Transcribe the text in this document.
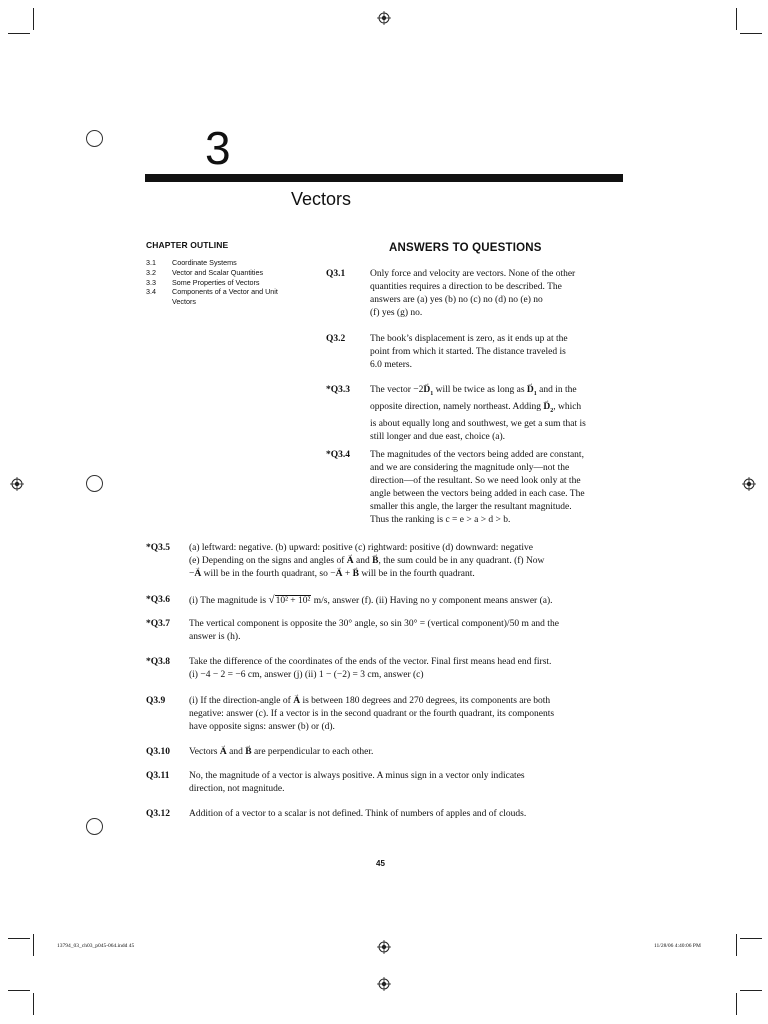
3
Vectors
CHAPTER OUTLINE
3.1	Coordinate Systems
3.2	Vector and Scalar Quantities
3.3	Some Properties of Vectors
3.4	Components of a Vector and Unit Vectors
ANSWERS TO QUESTIONS
Q3.1	Only force and velocity are vectors. None of the other
quantities requires a direction to be described. The
answers are (a) yes (b) no (c) no (d) no (e) no
(f) yes (g) no.
Q3.2	The book’s displacement is zero, as it ends up at the
point from which it started. The distance traveled is
6.0 meters.
*Q3.3 The vector $-2\to D_1$ will be twice as long as → $D_1$ and in the
opposite direction, namely northeast. Adding → $D_2$, which
is about equally long and southwest, we get a sum that is
still longer and due east, choice (a).
*Q3.4 The magnitudes of the vectors being added are constant,
and we are considering the magnitude only—not the
direction—of the resultant. So we need look only at the
angle between the vectors being added in each case. The
smaller this angle, the larger the resultant magnitude.
Thus the ranking is c = e > a > d > b.
*Q3.5 (a) leftward: negative. (b) upward: positive (c) rightward: positive (d) downward: negative
(e) Depending on the signs and angles of → A and → B, the sum could be in any quadrant. (f) Now
−→ A will be in the fourth quadrant, so −→ A + → B will be in the fourth quadrant.
*Q3.6 (i) The magnitude is √10² + 10² m/s, answer (f). (ii) Having no y component means answer (a).
*Q3.7 The vertical component is opposite the 30° angle, so sin 30° = (vertical component)/50 m and the
answer is (h).
*Q3.8 Take the difference of the coordinates of the ends of the vector. Final first means head end first.
(i) −4 − 2 = −6 cm, answer (j) (ii) 1 − (−2) = 3 cm, answer (c)
Q3.9 (i) If the direction-angle of → A is between 180 degrees and 270 degrees, its components are both
negative: answer (c). If a vector is in the second quadrant or the fourth quadrant, its components
have opposite signs: answer (b) or (d).
Q3.10 Vectors → A and → B are perpendicular to each other.
Q3.11 No, the magnitude of a vector is always positive. A minus sign in a vector only indicates
direction, not magnitude.
Q3.12 Addition of a vector to a scalar is not defined. Think of numbers of apples and of clouds.
45
13794_03_ch03_p045-064.indd 45	11/28/06 4:40:06 PM
